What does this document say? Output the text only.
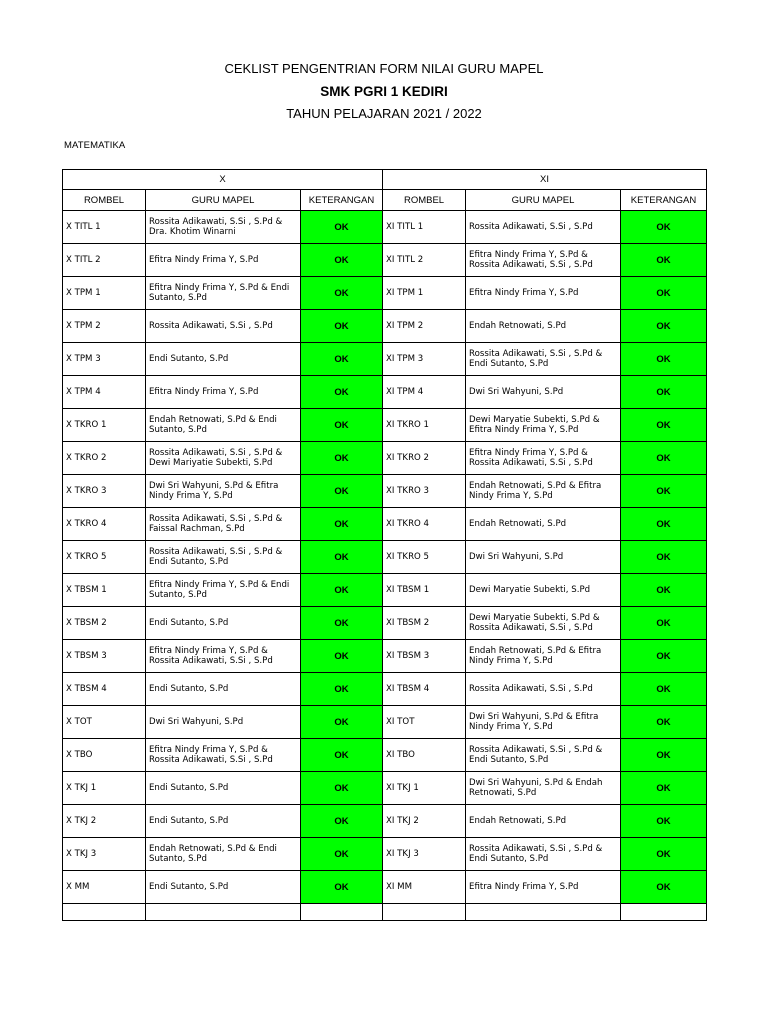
CEKLIST PENGENTRIAN FORM NILAI GURU MAPEL
SMK PGRI 1 KEDIRI
TAHUN PELAJARAN 2021 / 2022
MATEMATIKA
X			XI		
ROMBEL	GURU MAPEL	KETERANGAN	ROMBEL	GURU MAPEL	KETERANGAN
X TITL 1	Rossita Adikawati, S.Si , S.Pd & Dra. Khotim Winarni	OK	XI TITL 1	Rossita Adikawati, S.Si , S.Pd	OK
X TITL 2	Efitra Nindy Frima Y, S.Pd	OK	XI TITL 2	Efitra Nindy Frima Y, S.Pd & Rossita Adikawati, S.Si , S.Pd	OK
X TPM 1	Efitra Nindy Frima Y, S.Pd & Endi Sutanto, S.Pd	OK	XI TPM 1	Efitra Nindy Frima Y, S.Pd	OK
X TPM 2	Rossita Adikawati, S.Si , S.Pd	OK	XI TPM 2	Endah Retnowati, S.Pd	OK
X TPM 3	Endi Sutanto, S.Pd	OK	XI TPM 3	Rossita Adikawati, S.Si , S.Pd & Endi Sutanto, S.Pd	OK
X TPM 4	Efitra Nindy Frima Y, S.Pd	OK	XI TPM 4	Dwi Sri Wahyuni, S.Pd	OK
X TKRO 1	Endah Retnowati, S.Pd & Endi Sutanto, S.Pd	OK	XI TKRO 1	Dewi Maryatie Subekti, S.Pd & Efitra Nindy Frima Y, S.Pd	OK
X TKRO 2	Rossita Adikawati, S.Si , S.Pd & Dewi Mariyatie Subekti, S.Pd	OK	XI TKRO 2	Efitra Nindy Frima Y, S.Pd & Rossita Adikawati, S.Si , S.Pd	OK
X TKRO 3	Dwi Sri Wahyuni, S.Pd & Efitra Nindy Frima Y, S.Pd	OK	XI TKRO 3	Endah Retnowati, S.Pd & Efitra Nindy Frima Y, S.Pd	OK
X TKRO 4	Rossita Adikawati, S.Si , S.Pd & Faissal Rachman, S.Pd	OK	XI TKRO 4	Endah Retnowati, S.Pd	OK
X TKRO 5	Rossita Adikawati, S.Si , S.Pd & Endi Sutanto, S.Pd	OK	XI TKRO 5	Dwi Sri Wahyuni, S.Pd	OK
X TBSM 1	Efitra Nindy Frima Y, S.Pd & Endi Sutanto, S.Pd	OK	XI TBSM 1	Dewi Maryatie Subekti, S.Pd	OK
X TBSM 2	Endi Sutanto, S.Pd	OK	XI TBSM 2	Dewi Maryatie Subekti, S.Pd & Rossita Adikawati, S.Si , S.Pd	OK
X TBSM 3	Efitra Nindy Frima Y, S.Pd & Rossita Adikawati, S.Si , S.Pd	OK	XI TBSM 3	Endah Retnowati, S.Pd & Efitra Nindy Frima Y, S.Pd	OK
X TBSM 4	Endi Sutanto, S.Pd	OK	XI TBSM 4	Rossita Adikawati, S.Si , S.Pd	OK
X TOT	Dwi Sri Wahyuni, S.Pd	OK	XI TOT	Dwi Sri Wahyuni, S.Pd & Efitra Nindy Frima Y, S.Pd	OK
X TBO	Efitra Nindy Frima Y, S.Pd & Rossita Adikawati, S.Si , S.Pd	OK	XI TBO	Rossita Adikawati, S.Si , S.Pd & Endi Sutanto, S.Pd	OK
X TKJ 1	Endi Sutanto, S.Pd	OK	XI TKJ 1	Dwi Sri Wahyuni, S.Pd & Endah Retnowati, S.Pd	OK
X TKJ 2	Endi Sutanto, S.Pd	OK	XI TKJ 2	Endah Retnowati, S.Pd	OK
X TKJ 3	Endah Retnowati, S.Pd & Endi Sutanto, S.Pd	OK	XI TKJ 3	Rossita Adikawati, S.Si , S.Pd & Endi Sutanto, S.Pd	OK
X MM	Endi Sutanto, S.Pd	OK	XI MM	Efitra Nindy Frima Y, S.Pd	OK
